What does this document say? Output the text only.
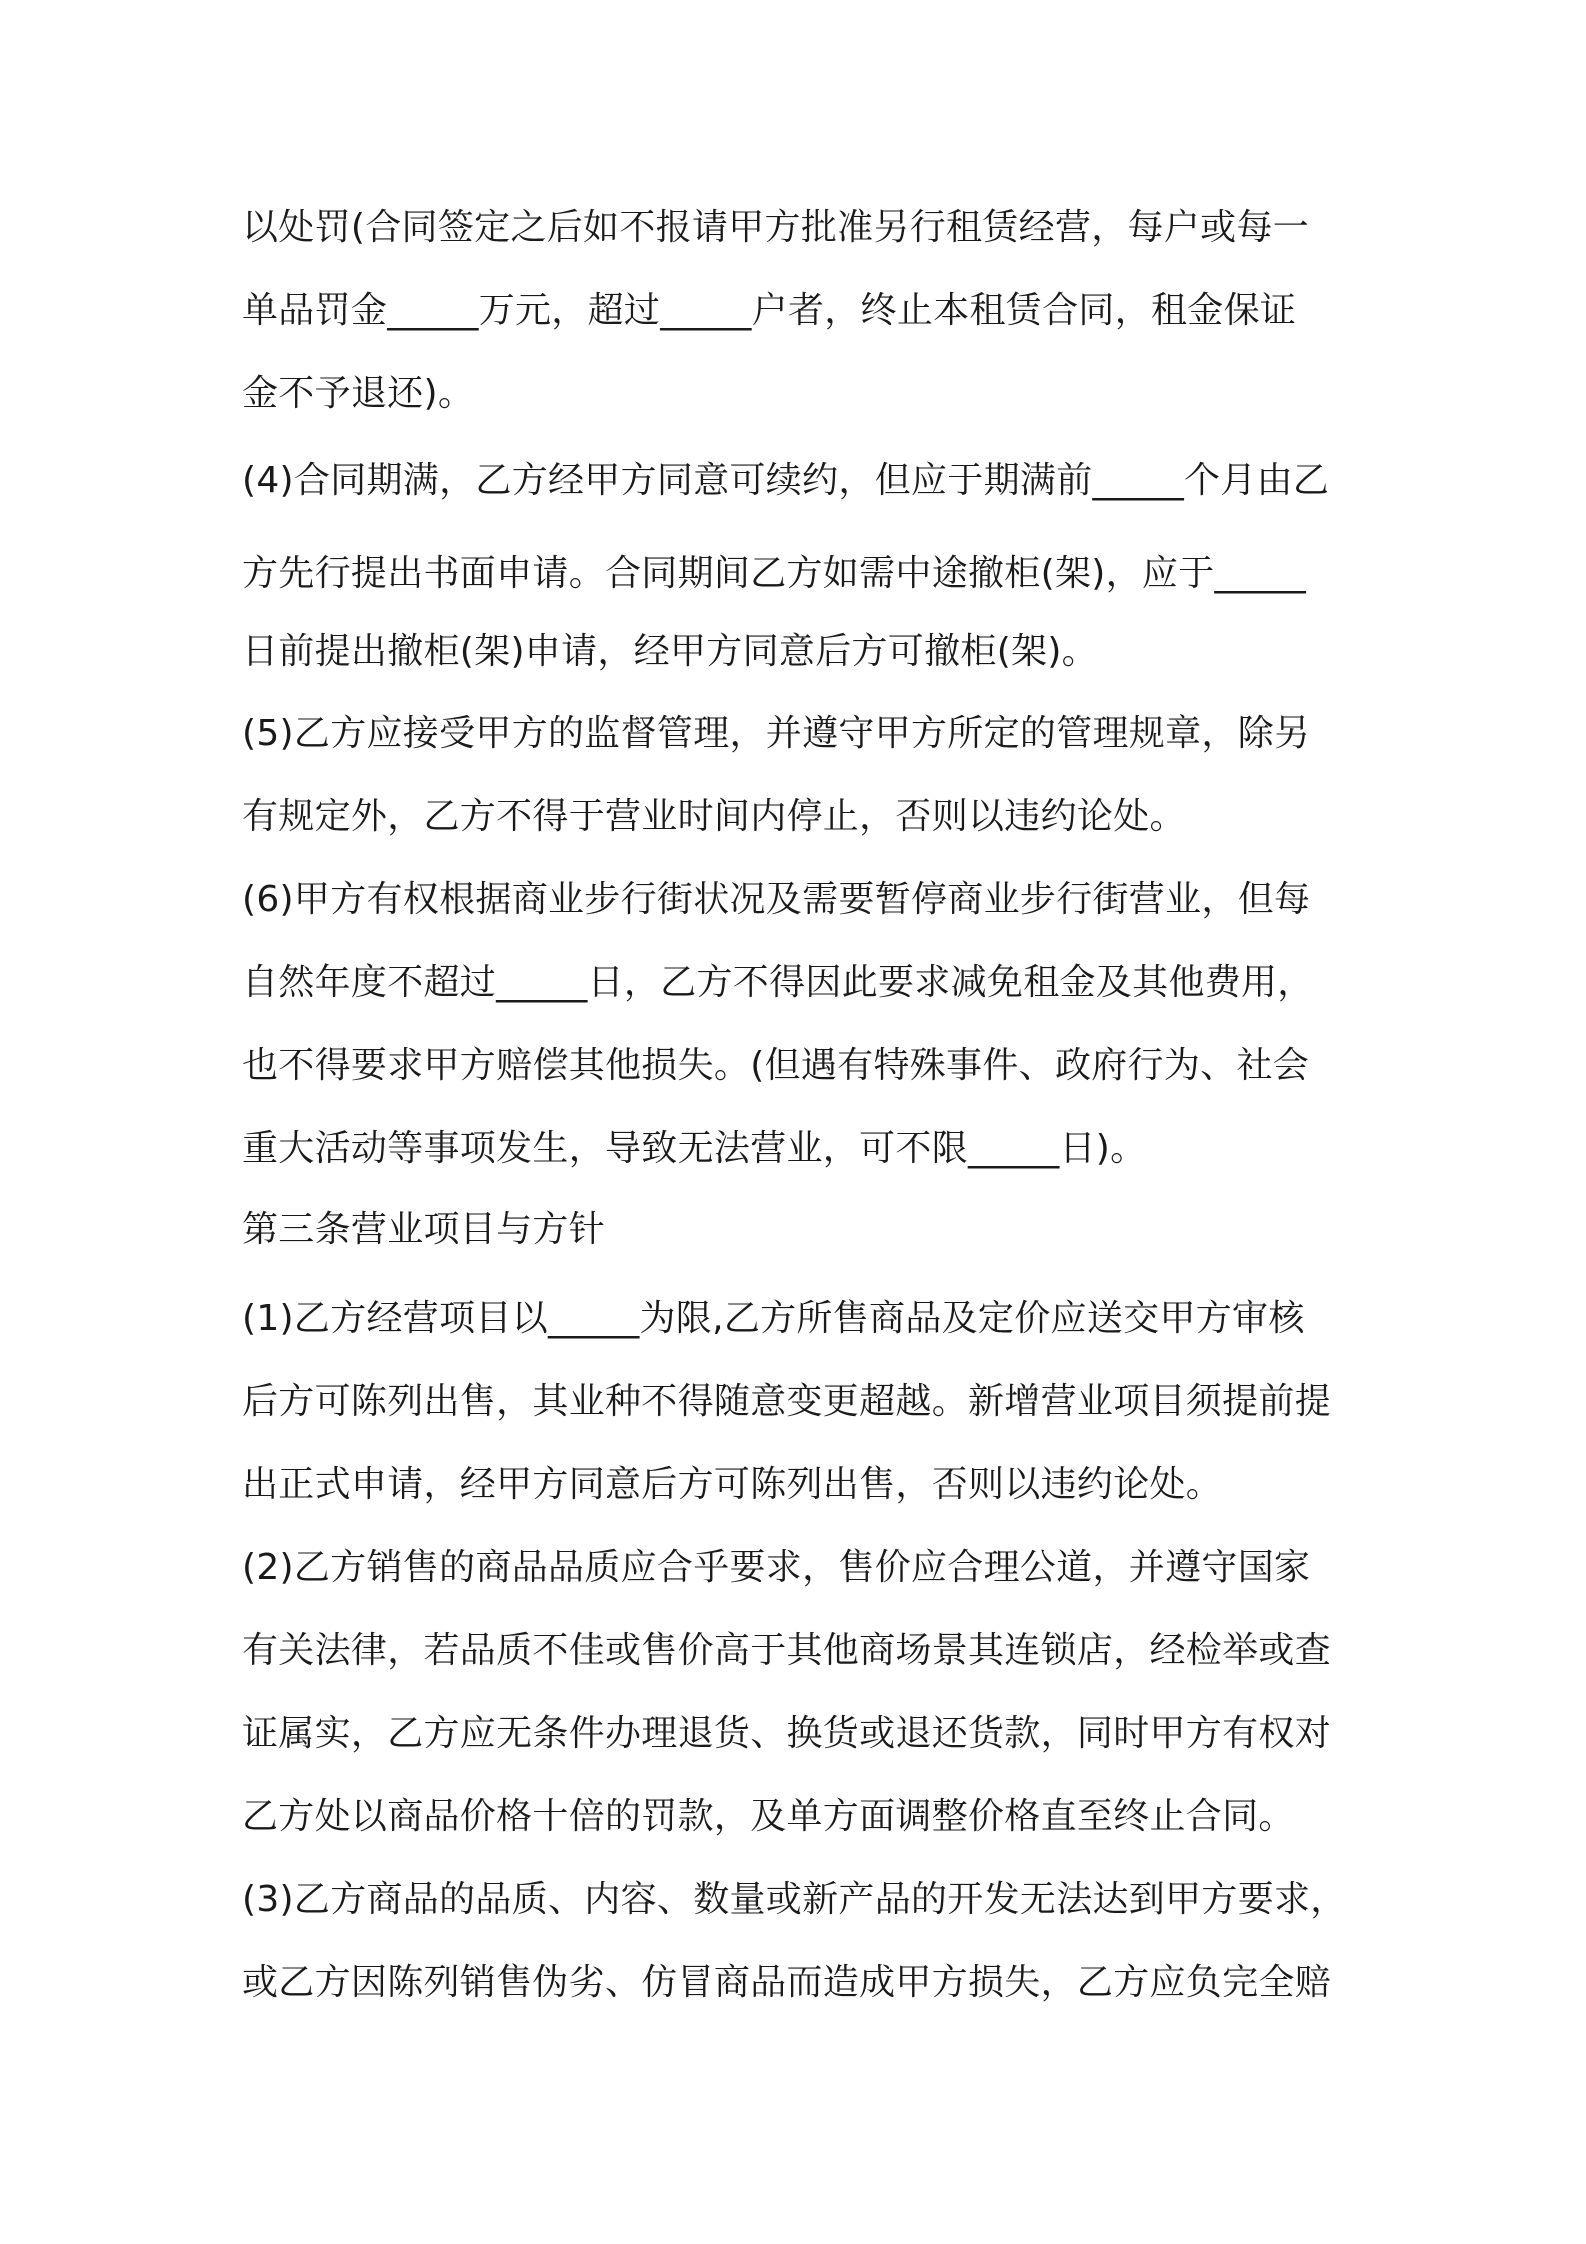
以处罚(合同签定之后如不报请甲方批准另行租赁经营，每户或每一

单品罚金_____万元，超过_____户者，终止本租赁合同，租金保证

金不予退还)。

(4)合同期满，乙方经甲方同意可续约，但应于期满前_____个月由乙

方先行提出书面申请。合同期间乙方如需中途撤柜(架)，应于_____

日前提出撤柜(架)申请，经甲方同意后方可撤柜(架)。

(5)乙方应接受甲方的监督管理，并遵守甲方所定的管理规章，除另

有规定外，乙方不得于营业时间内停止，否则以违约论处。

(6)甲方有权根据商业步行街状况及需要暂停商业步行街营业，但每

自然年度不超过_____日，乙方不得因此要求减免租金及其他费用，

也不得要求甲方赔偿其他损失。(但遇有特殊事件、政府行为、社会

重大活动等事项发生，导致无法营业，可不限_____日)。

第三条营业项目与方针

(1)乙方经营项目以_____为限,乙方所售商品及定价应送交甲方审核

后方可陈列出售，其业种不得随意变更超越。新增营业项目须提前提

出正式申请，经甲方同意后方可陈列出售，否则以违约论处。

(2)乙方销售的商品品质应合乎要求，售价应合理公道，并遵守国家

有关法律，若品质不佳或售价高于其他商场景其连锁店，经检举或查

证属实，乙方应无条件办理退货、换货或退还货款，同时甲方有权对

乙方处以商品价格十倍的罚款，及单方面调整价格直至终止合同。

(3)乙方商品的品质、内容、数量或新产品的开发无法达到甲方要求，

或乙方因陈列销售伪劣、仿冒商品而造成甲方损失，乙方应负完全赔
